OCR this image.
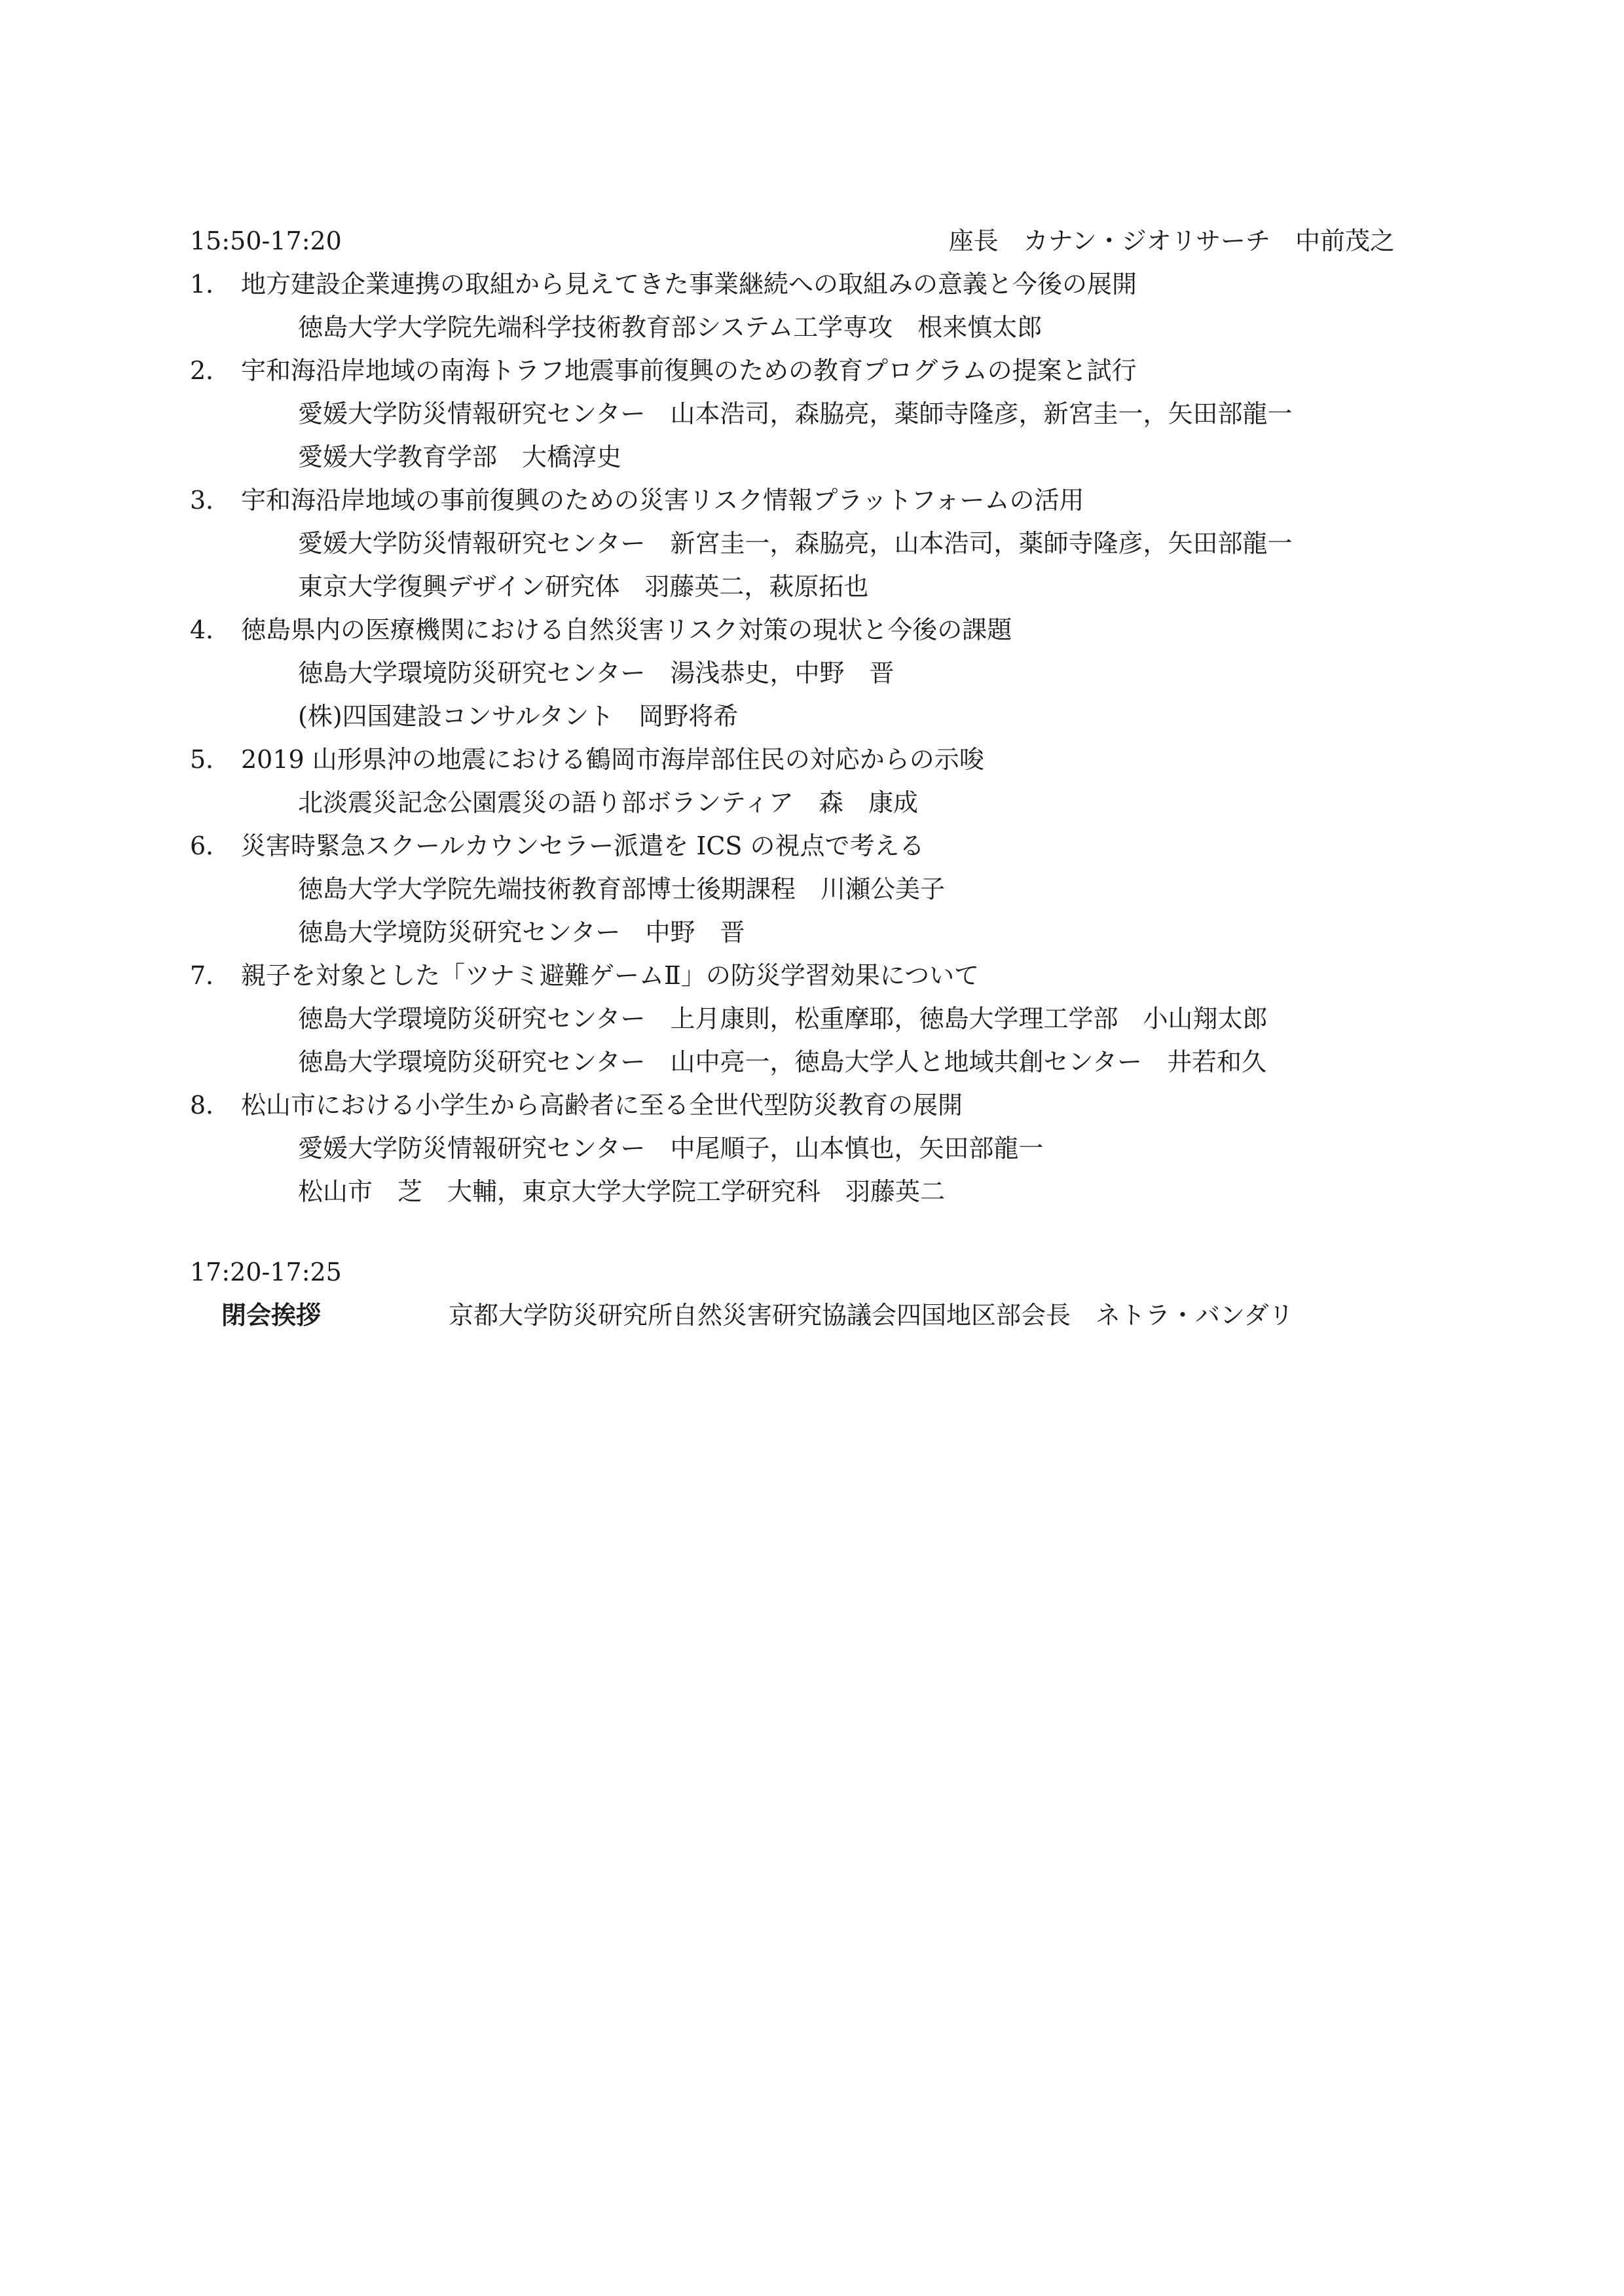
15:50-17:20	座長　カナン・ジオリサーチ　中前茂之
1． 地方建設企業連携の取組から見えてきた事業継続への取組みの意義と今後の展開
徳島大学大学院先端科学技術教育部システム工学専攻　根来慎太郎
2． 宇和海沿岸地域の南海トラフ地震事前復興のための教育プログラムの提案と試行
愛媛大学防災情報研究センター　山本浩司，森脇亮，薬師寺隆彦，新宮圭一，矢田部龍一
愛媛大学教育学部　大橋淳史
3． 宇和海沿岸地域の事前復興のための災害リスク情報プラットフォームの活用
愛媛大学防災情報研究センター　新宮圭一，森脇亮，山本浩司，薬師寺隆彦，矢田部龍一
東京大学復興デザイン研究体　羽藤英二，萩原拓也
4． 徳島県内の医療機関における自然災害リスク対策の現状と今後の課題
徳島大学環境防災研究センター　湯浅恭史，中野　晋
(株)四国建設コンサルタント　岡野将希
5． 2019 山形県沖の地震における鶴岡市海岸部住民の対応からの示唆
北淡震災記念公園震災の語り部ボランティア　森　康成
6． 災害時緊急スクールカウンセラー派遣を ICS の視点で考える
徳島大学大学院先端技術教育部博士後期課程　川瀬公美子
徳島大学境防災研究センター　中野　晋
7． 親子を対象とした「ツナミ避難ゲームⅡ」の防災学習効果について
徳島大学環境防災研究センター　上月康則，松重摩耶，徳島大学理工学部　小山翔太郎
徳島大学環境防災研究センター　山中亮一，徳島大学人と地域共創センター　井若和久
8． 松山市における小学生から高齢者に至る全世代型防災教育の展開
愛媛大学防災情報研究センター　中尾順子，山本慎也，矢田部龍一
松山市　芝　大輔，東京大学大学院工学研究科　羽藤英二
17:20-17:25
閉会挨拶	京都大学防災研究所自然災害研究協議会四国地区部会長　ネトラ・バンダリ
